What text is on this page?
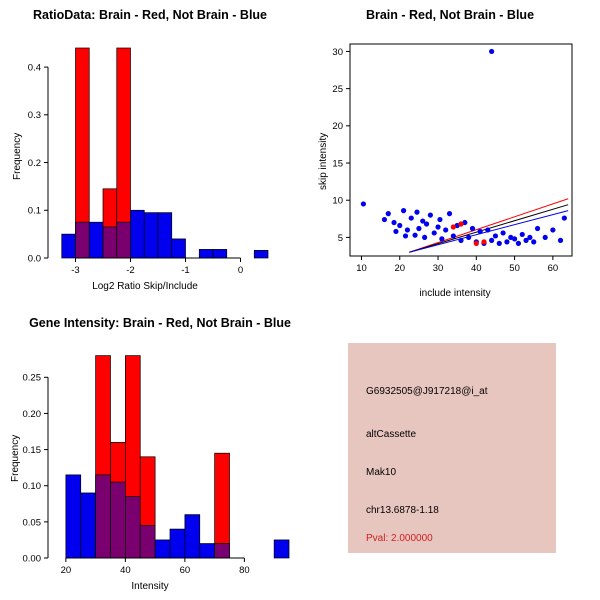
RatioData: Brain - Red, Not Brain - Blue
-3	-2	-1	0
0.0
0.1
0.2
0.3
0.4
Log2 Ratio Skip/Include
Frequency
Brain - Red, Not Brain - Blue
10	20	30	40	50	60
5
10
15
20
25
30
include intensity
skip intensity
Gene Intensity: Brain - Red, Not Brain - Blue
20	40	60	80
0.00
0.05
0.10
0.15
0.20
0.25
Intensity
Frequency
G6932505@J917218@i_at
altCassette
Mak10
chr13.6878-1.18
Pval: 2.000000
